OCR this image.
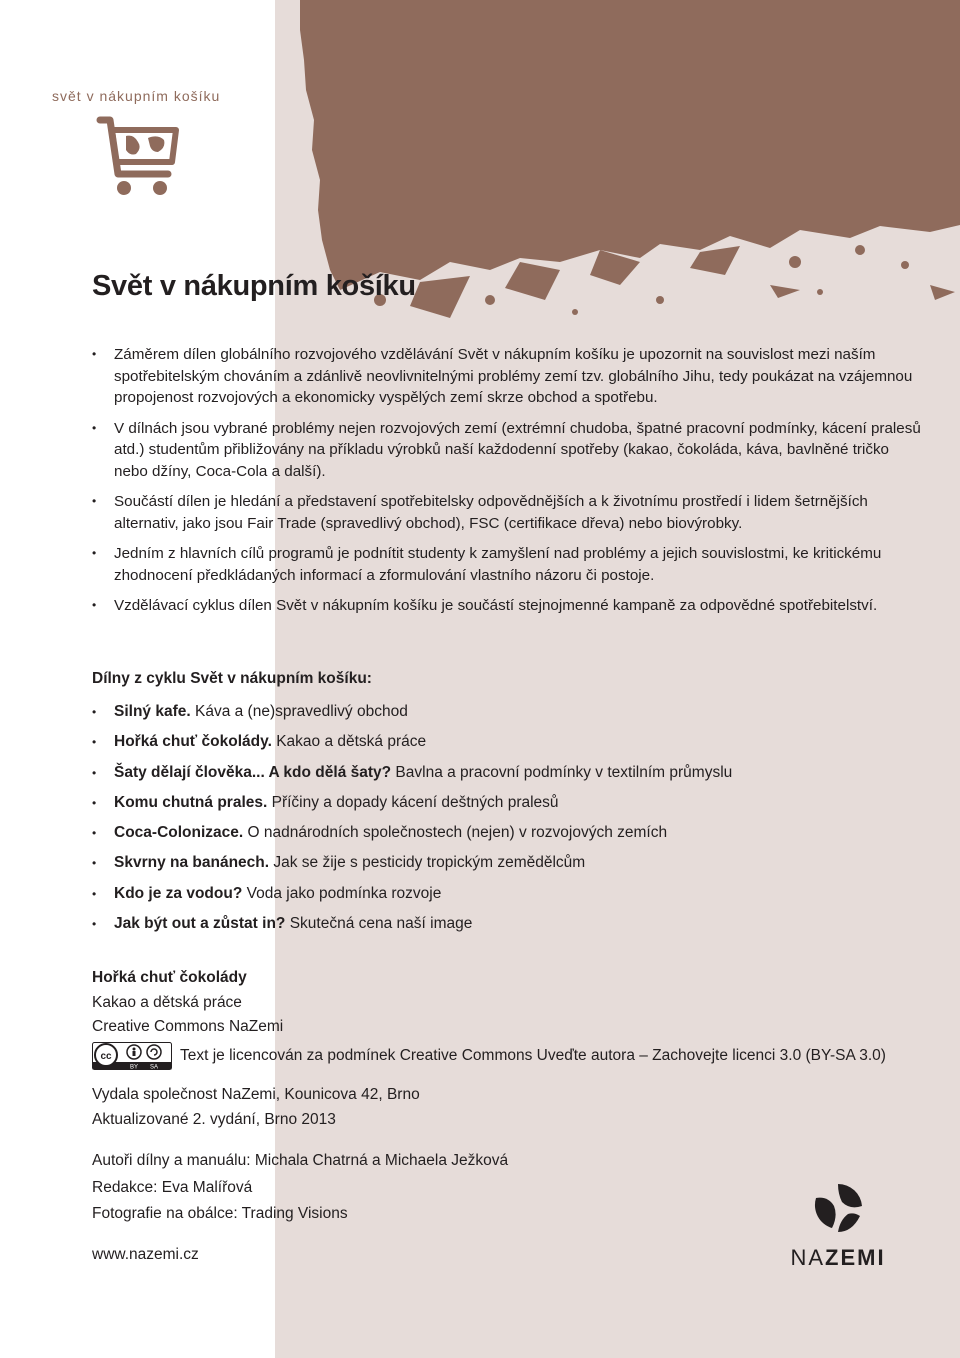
svět v nákupním košíku
Svět v nákupním košíku
• Záměrem dílen globálního rozvojového vzdělávání Svět v nákupním košíku je upozornit na souvislost mezi naším spotřebitelským chováním a zdánlivě neovlivnitelnými problémy zemí tzv. globálního Jihu, tedy poukázat na vzájemnou propojenost rozvojových a ekonomicky vyspělých zemí skrze obchod a spotřebu.
• V dílnách jsou vybrané problémy nejen rozvojových zemí (extrémní chudoba, špatné pracovní podmínky, kácení pralesů atd.) studentům přibližovány na příkladu výrobků naší každodenní spotřeby (kakao, čokoláda, káva, bavlněné tričko nebo džíny, Coca-Cola a další).
• Součástí dílen je hledání a představení spotřebitelsky odpovědnějších a k životnímu prostředí i lidem šetrnějších alternativ, jako jsou Fair Trade (spravedlivý obchod), FSC (certifikace dřeva) nebo biovýrobky.
• Jedním z hlavních cílů programů je podnítit studenty k zamyšlení nad problémy a jejich souvislostmi, ke kritickému zhodnocení předkládaných informací a zformulování vlastního názoru či postoje.
• Vzdělávací cyklus dílen Svět v nákupním košíku je součástí stejnojmenné kampaně za odpovědné spotřebitelství.
Dílny z cyklu Svět v nákupním košíku:
• Silný kafe. Káva a (ne)spravedlivý obchod
• Hořká chuť čokolády. Kakao a dětská práce
• Šaty dělají člověka... A kdo dělá šaty? Bavlna a pracovní podmínky v textilním průmyslu
• Komu chutná prales. Příčiny a dopady kácení deštných pralesů
• Coca-Colonizace. O nadnárodních společnostech (nejen) v rozvojových zemích
• Skvrny na banánech. Jak se žije s pesticidy tropickým zemědělcům
• Kdo je za vodou? Voda jako podmínka rozvoje
• Jak být out a zůstat in? Skutečná cena naší image
Hořká chuť čokolády
Kakao a dětská práce
Creative Commons NaZemi
cc
BY SA
Text je licencován za podmínek Creative Commons Uveďte autora – Zachovejte licenci 3.0 (BY-SA 3.0)
Vydala společnost NaZemi, Kounicova 42, Brno
Aktualizované 2. vydání, Brno 2013
Autoři dílny a manuálu: Michala Chatrná a Michaela Ježková
Redakce: Eva Malířová
Fotografie na obálce: Trading Visions
www.nazemi.cz	NAZEMI
